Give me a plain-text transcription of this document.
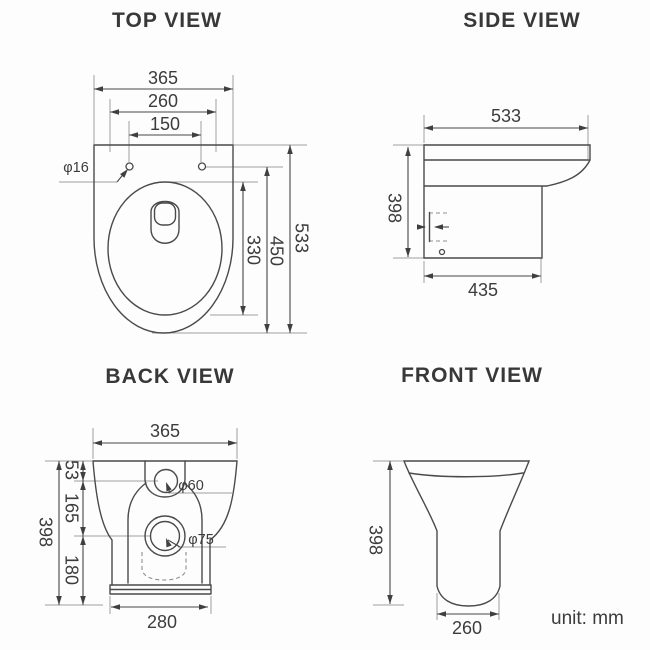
TOP VIEW
365
260
150
φ16
330 450 533
SIDE VIEW
533
398
435
BACK VIEW
365
53
165
180
398
φ60
φ75
280
FRONT VIEW
398
260	unit: mm
